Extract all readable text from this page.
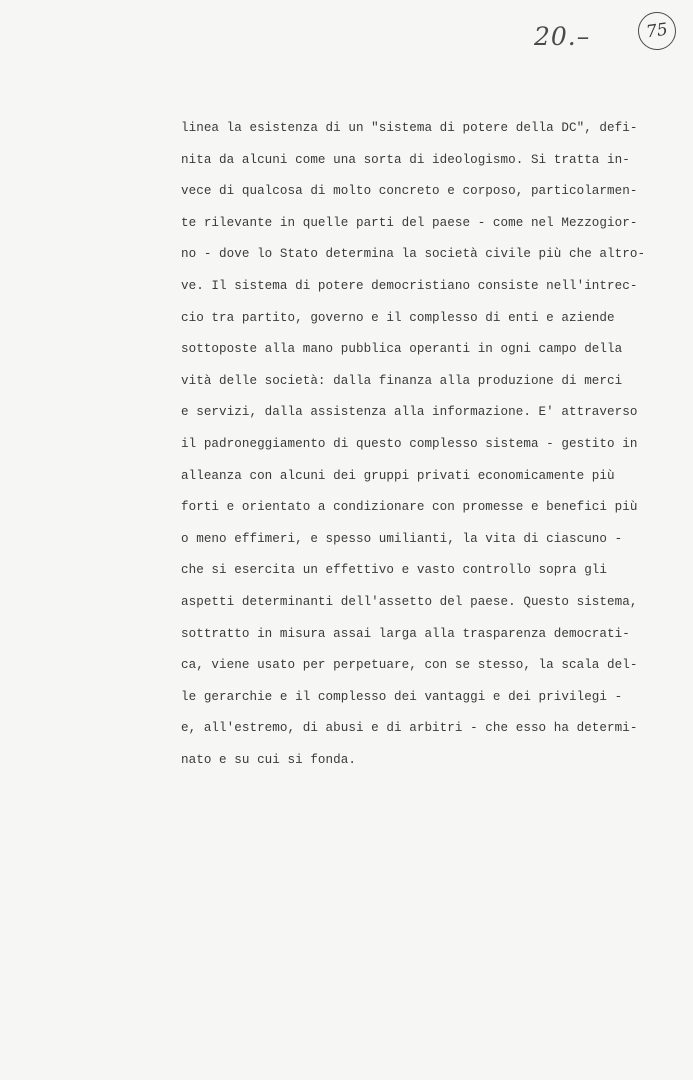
20.–	75
linea la esistenza di un "sistema di potere della DC", defi-
nita da alcuni come una sorta di ideologismo. Si tratta in-
vece di qualcosa di molto concreto e corposo, particolarmen-
te rilevante in quelle parti del paese - come nel Mezzogior-
no - dove lo Stato determina la società civile più che altro-
ve. Il sistema di potere democristiano consiste nell'intrec-
cio tra partito, governo e il complesso di enti e aziende
sottoposte alla mano pubblica operanti in ogni campo della
vità delle società: dalla finanza alla produzione di merci
e servizi, dalla assistenza alla informazione. E' attraverso
il padroneggiamento di questo complesso sistema - gestito in
alleanza con alcuni dei gruppi privati economicamente più
forti e orientato a condizionare con promesse e benefici più
o meno effimeri, e spesso umilianti, la vita di ciascuno -
che si esercita un effettivo e vasto controllo sopra gli
aspetti determinanti dell'assetto del paese. Questo sistema,
sottratto in misura assai larga alla trasparenza democrati-
ca, viene usato per perpetuare, con se stesso, la scala del-
le gerarchie e il complesso dei vantaggi e dei privilegi -
e, all'estremo, di abusi e di arbitri - che esso ha determi-
nato e su cui si fonda.
